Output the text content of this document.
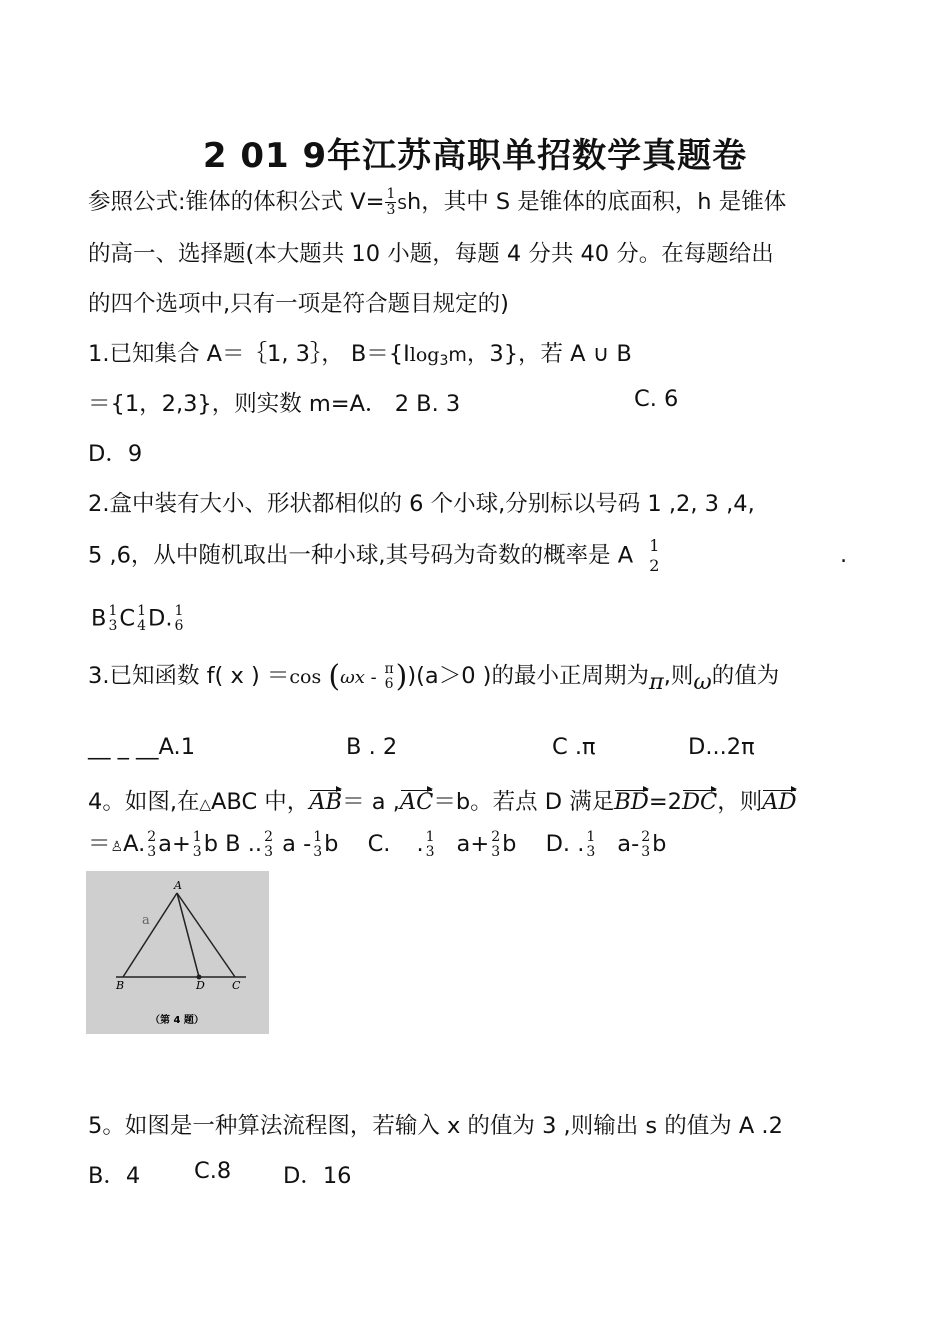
2 01 9年江苏高职单招数学真题卷
参照公式:锥体的体积公式 $V= \frac{1}{3}$ Sh，其中 S 是锥体的底面积，h 是锥体
的高一、选择题(本大题共 10 小题，每题 4 分共 40 分。在每题给出
的四个选项中,只有一项是符合题目规定的)
1.已知集合 A＝｛1, 3｝， B＝{Ilog3m，3}，若 A ∪ B
＝{1，2,3}，则实数 m=A． 2 B. 3	C. 6
D．9
2.盒中装有大小、形状都相似的 6 个小球,分别标以号码 1 ,2, 3 ,4,
5 ,6，从中随机取出一种小球,其号码为奇数的概率是 A 1
2	.
B 1
3 C 1
4 D. 1
6
3.已知函数 f( x ) ＝cos (ωx - π
6 ))(a＞0 )的最小正周期为π,则ω的值为
__ _ __A.1	B . 2	C .π	D...2π
4。如图,在△ABC 中，AB＝ a ,AC＝b。若点 D 满足BD=2DC，则AD
＝♙A. 2
3 a+ 1
3 b B .. 2
3 a - 1
3 b C. . 1
3 a+ 2
3 b D. . 1
3 a- 2
3 b
A
B	D C
a
（第 4 题）
5。如图是一种算法流程图，若输入 x 的值为 3 ,则输出 s 的值为 A .2
B．4 C.8 D．16
